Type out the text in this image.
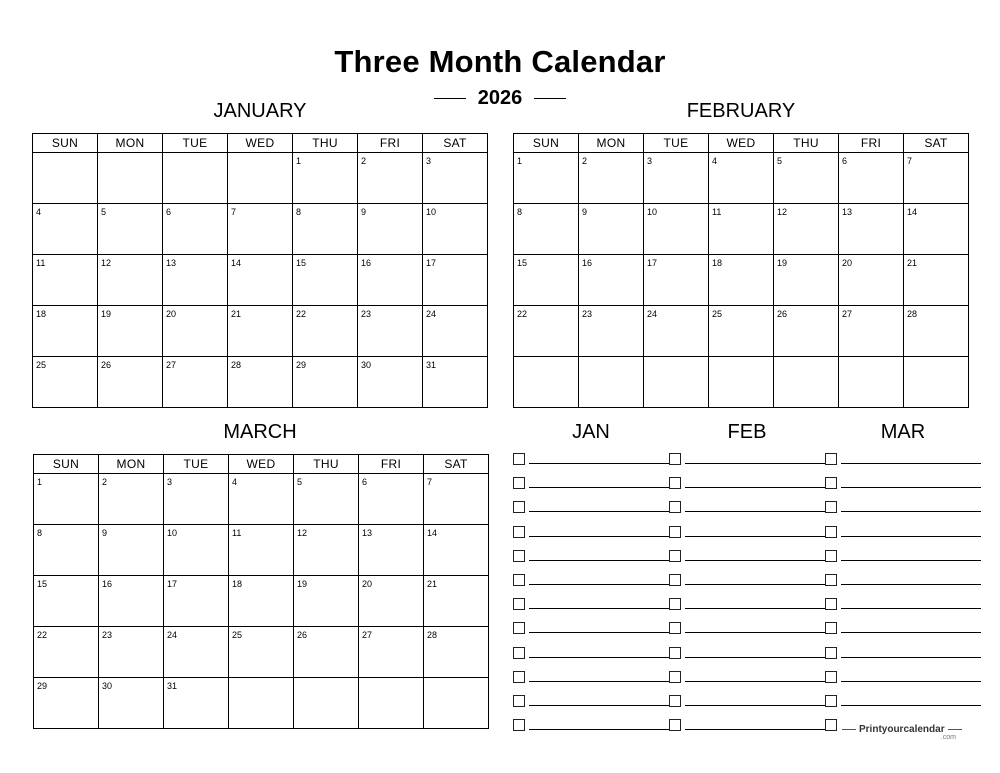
Three Month Calendar
2026
JANUARY	FEBRUARY
MARCH
SUN	MON	TUE	WED	THU	FRI	SAT

				1	2	3

4	5	6	7	8	9	10

11	12	13	14	15	16	17

18	19	20	21	22	23	24

25	26	27	28	29	30	31
SUN	MON	TUE	WED	THU	FRI	SAT

1	2	3	4	5	6	7

8	9	10	11	12	13	14

15	16	17	18	19	20	21

22	23	24	25	26	27	28

SUN	MON	TUE	WED	THU	FRI	SAT

1	2	3	4	5	6	7

8	9	10	11	12	13	14

15	16	17	18	19	20	21

22	23	24	25	26	27	28

29	30	31				

JAN	FEB	MAR
Printyourcalendar
.com
